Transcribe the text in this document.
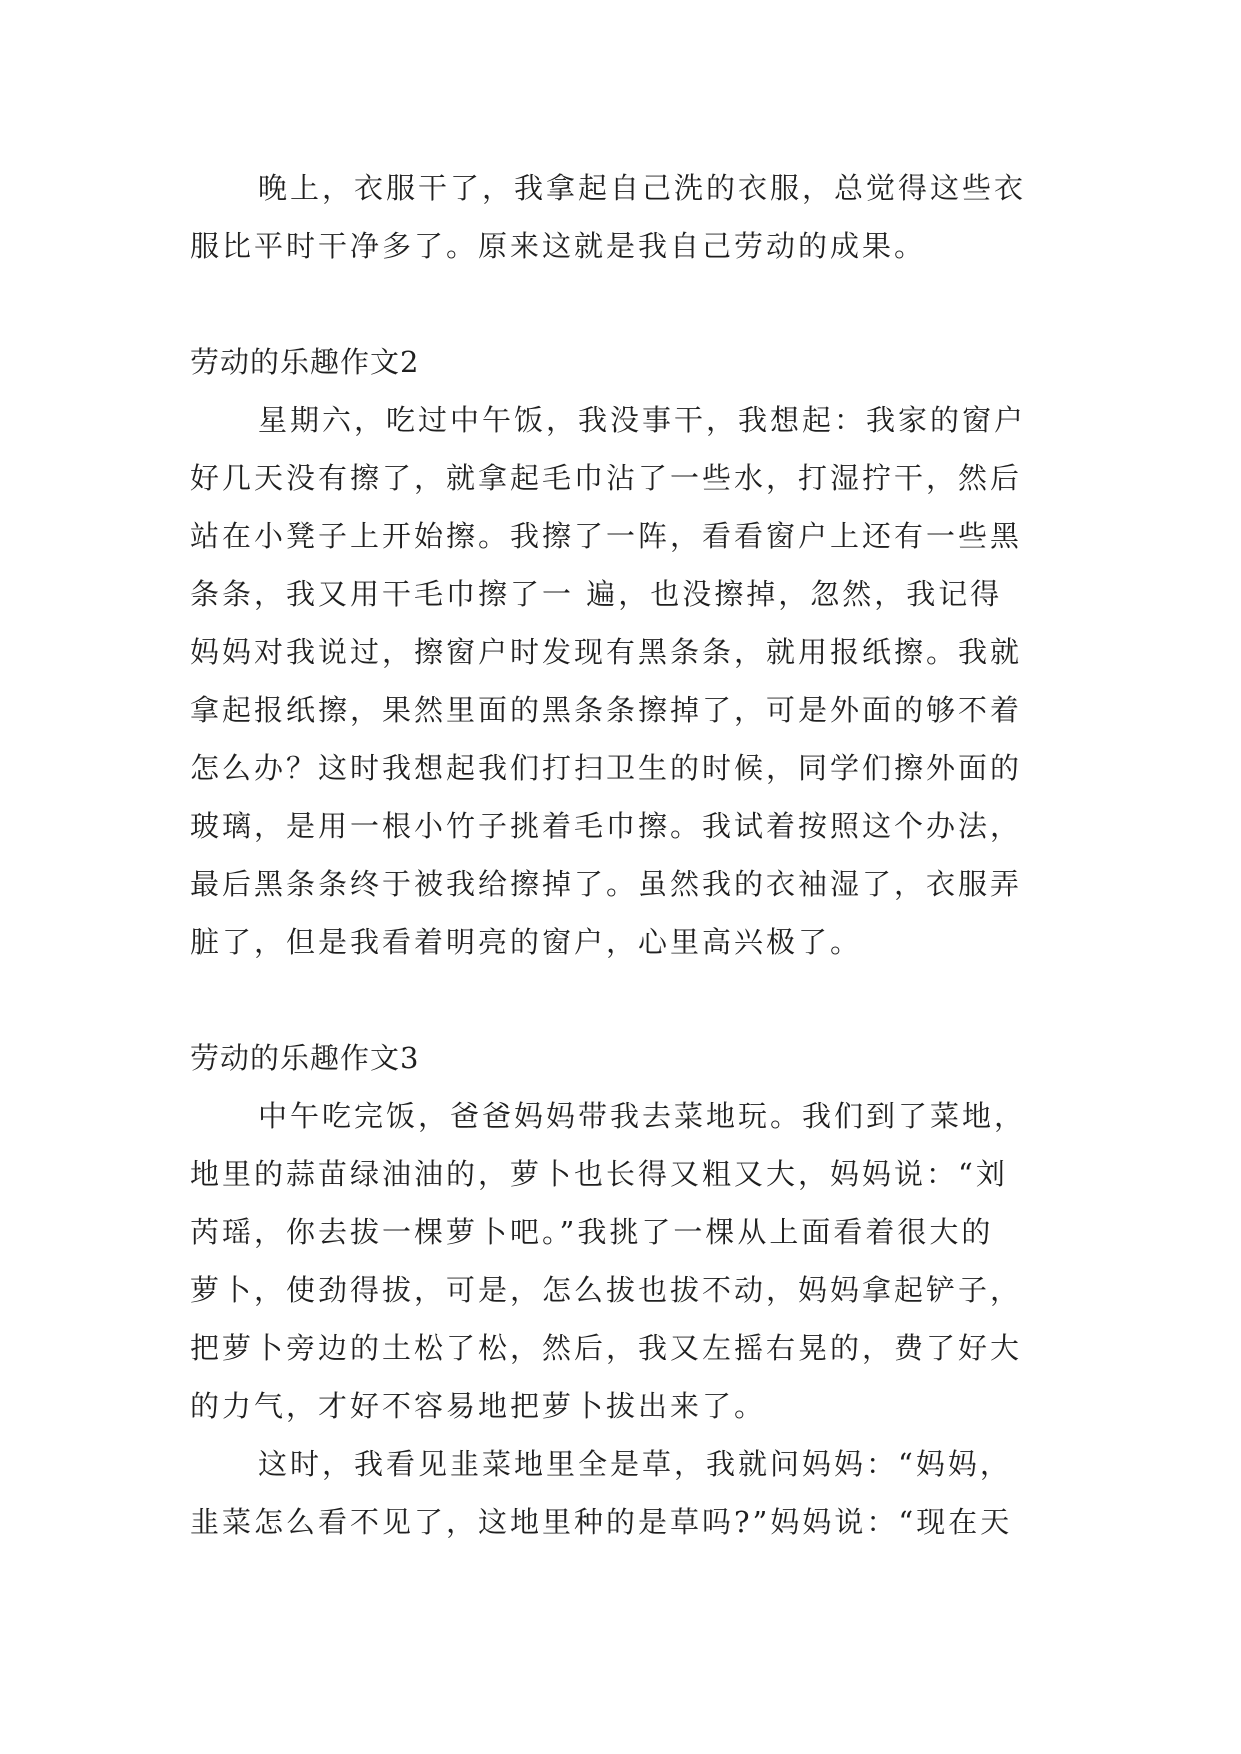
晚上，衣服干了，我拿起自己洗的衣服，总觉得这些衣

服比平时干净多了。原来这就是我自己劳动的成果。

劳动的乐趣作文2

星期六，吃过中午饭，我没事干，我想起：我家的窗户

好几天没有擦了，就拿起毛巾沾了一些水，打湿拧干，然后

站在小凳子上开始擦。我擦了一阵，看看窗户上还有一些黑

条条，我又用干毛巾擦了一 遍，也没擦掉，忽然，我记得

妈妈对我说过，擦窗户时发现有黑条条，就用报纸擦。我就

拿起报纸擦，果然里面的黑条条擦掉了，可是外面的够不着

怎么办？这时我想起我们打扫卫生的时候，同学们擦外面的

玻璃，是用一根小竹子挑着毛巾擦。我试着按照这个办法，

最后黑条条终于被我给擦掉了。虽然我的衣袖湿了，衣服弄

脏了，但是我看着明亮的窗户，心里高兴极了。

劳动的乐趣作文3

中午吃完饭，爸爸妈妈带我去菜地玩。我们到了菜地，

地里的蒜苗绿油油的，萝卜也长得又粗又大，妈妈说：“刘

芮瑶，你去拔一棵萝卜吧。”我挑了一棵从上面看着很大的

萝卜，使劲得拔，可是，怎么拔也拔不动，妈妈拿起铲子，

把萝卜旁边的土松了松，然后，我又左摇右晃的，费了好大

的力气，才好不容易地把萝卜拔出来了。

这时，我看见韭菜地里全是草，我就问妈妈：“妈妈，

韭菜怎么看不见了，这地里种的是草吗?”妈妈说：“现在天
